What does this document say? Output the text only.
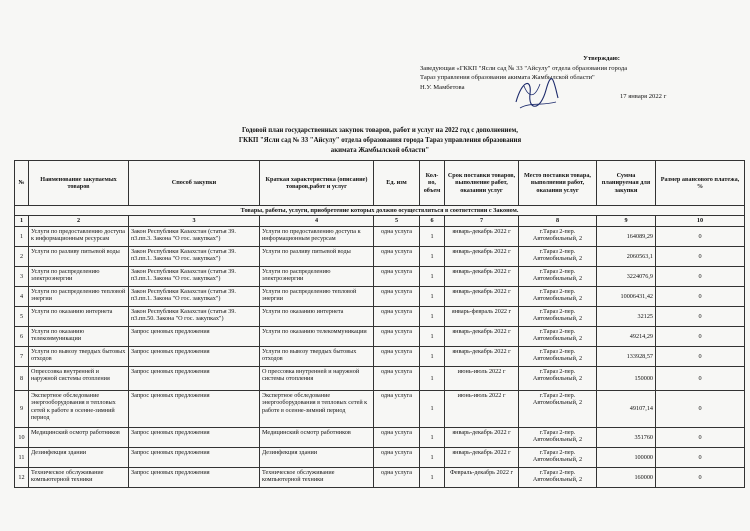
Утверждаю:
Заведующая «ГККП "Ясли сад № 33 "Айсулу" отдела образования города
Тараз управления образования акимата Жамбылской области"
Н.У. Мамбетова
17 января 2022 г
Годовой план государственных закупок товаров, работ и услуг на 2022 год с дополнением,
ГККП "Ясли сад № 33 "Айсулу" отдела образования города Тараз управления образования
акимата Жамбылской области"
№	Наименование закупаемых товаров	Способ закупки	Краткая характеристика (описание) товаров,работ и услуг	Ед. изм	Кол-во, объем	Срок поставки товаров, выполнение работ, оказании услуг	Место поставки товара, выполнения работ, оказания услуг	Сумма планируемая для закупки	Размер авансового платежа, %
Товары, работы, услуги, приобретение которых должно осуществляться в соответствии с Законом.									
1	2	3	4	5	6	7	8	9	10
1	Услуги по предоставлению доступа к информационным ресурсам	Закон Республики Казахстан (статья 39. п3.пп.3. Закона "О гос. закупках")	Услуги по предоставлению доступа к информационным ресурсам	одна услуга	1	январь-декабрь 2022 г	г.Тараз 2-пер. Автомобильный, 2	164089,29	0
2	Услуги по разливу питьевой воды	Закон Республики Казахстан (статья 39. п3.пп.1. Закона "О гос. закупках")	Услуги по разливу питьевой воды	одна услуга	1	январь-декабрь 2022 г	г.Тараз 2-пер. Автомобильный, 2	2060563,1	0
3	Услуги по распределению электроэнергии	Закон Республики Казахстан (статья 39. п3.пп.1. Закона "О гос. закупках")	Услуги по распределению электроэнергии	одна услуга	1	январь-декабрь 2022 г	г.Тараз 2-пер. Автомобильный, 2	3224076,9	0
4	Услуги по распределению тепловой энергии	Закон Республики Казахстан (статья 39. п3.пп.1. Закона "О гос. закупках")	Услуги по распределению тепловой энергии	одна услуга	1	январь-декабрь 2022 г	г.Тараз 2-пер. Автомобильный, 2	10006431,42	0
5	Услуги по оказанию интернета	Закон Республики Казахстан (статья 39. п3.пп.50. Закона "О гос. закупках")	Услуги по оказанию интернета	одна услуга	1	январь-февраль 2022 г	г.Тараз 2-пер. Автомобильный, 2	32125	0
6	Услуги по оказанию телекоммуникации	Запрос ценовых предложения	Услуги по оказанию телекоммуникации	одна услуга	1	январь-декабрь 2022 г	г.Тараз 2-пер. Автомобильный, 2	49214,29	0
7	Услуги по вывозу твердых бытовых отходов	Запрос ценовых предложения	Услуги по вывозу твердых бытовых отходов	одна услуга	1	январь-декабрь 2022 г	г.Тараз 2-пер. Автомобильный, 2	133928,57	0
8	Опрессовка внутренней и наружной системы отопления	Запрос ценовых предложения	О прессовка внутренней и наружной системы отопления	одна услуга	1	июнь-июль 2022 г	г.Тараз 2-пер. Автомобильный, 2	150000	0
9	Экспертное обследование энергооборудования в тепловых сетей к работе в осенне-зимний период	Запрос ценовых предложения	Экспертное обследование энергооборудования в тепловых сетей к работе в осенне-зимний период	одна услуга	1	июнь-июль 2022 г	г.Тараз 2-пер. Автомобильный, 2	49107,14	0
10	Медицинский осмотр работников	Запрос ценовых предложения	Медицинский осмотр работников	одна услуга	1	январь-декабрь 2022 г	г.Тараз 2-пер. Автомобильный, 2	351760	0
11	Дезинфекция здании	Запрос ценовых предложения	Дезинфекция здании	одна услуга	1	январь-декабрь 2022 г	г.Тараз 2-пер. Автомобильный, 2	100000	0
12	Техническое обслуживание компьютерной техники	Запрос ценовых предложения	Техническое обслуживание компьютерной техники	одна услуга	1	Февраль-декабрь 2022 г	г.Тараз 2-пер. Автомобильный, 2	160000	0
